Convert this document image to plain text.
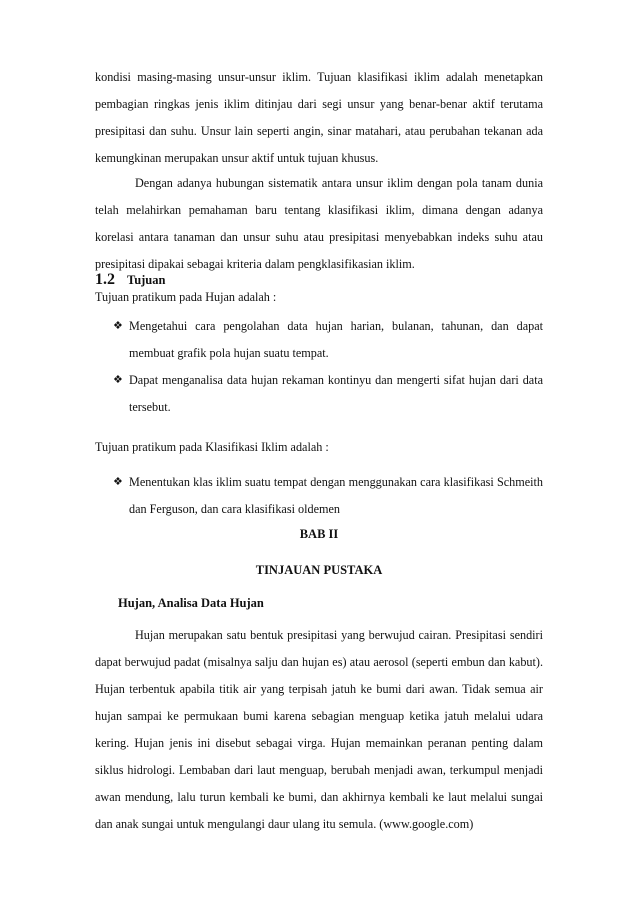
kondisi masing-masing unsur-unsur iklim. Tujuan klasifikasi iklim adalah menetapkan pembagian ringkas jenis iklim ditinjau dari segi unsur yang benar-benar aktif terutama presipitasi dan suhu. Unsur lain seperti angin, sinar matahari, atau perubahan tekanan ada kemungkinan merupakan unsur aktif untuk tujuan khusus.
Dengan adanya hubungan sistematik antara unsur iklim dengan pola tanam dunia telah melahirkan pemahaman baru tentang klasifikasi iklim, dimana dengan adanya korelasi antara tanaman dan unsur suhu atau presipitasi menyebabkan indeks suhu atau presipitasi dipakai sebagai kriteria dalam pengklasifikasian iklim.
1.2 Tujuan
Tujuan pratikum pada Hujan adalah :
❖ Mengetahui cara pengolahan data hujan harian, bulanan, tahunan, dan dapat membuat grafik pola hujan suatu tempat.
❖ Dapat menganalisa data hujan rekaman kontinyu dan mengerti sifat hujan dari data tersebut.
Tujuan pratikum pada Klasifikasi Iklim adalah :
❖ Menentukan klas iklim suatu tempat dengan menggunakan cara klasifikasi Schmeith dan Ferguson, dan cara klasifikasi oldemen
BAB II
TINJAUAN PUSTAKA
Hujan, Analisa Data Hujan
Hujan merupakan satu bentuk presipitasi yang berwujud cairan. Presipitasi sendiri dapat berwujud padat (misalnya salju dan hujan es) atau aerosol (seperti embun dan kabut). Hujan terbentuk apabila titik air yang terpisah jatuh ke bumi dari awan. Tidak semua air hujan sampai ke permukaan bumi karena sebagian menguap ketika jatuh melalui udara kering. Hujan jenis ini disebut sebagai virga. Hujan memainkan peranan penting dalam siklus hidrologi. Lembaban dari laut menguap, berubah menjadi awan, terkumpul menjadi awan mendung, lalu turun kembali ke bumi, dan akhirnya kembali ke laut melalui sungai dan anak sungai untuk mengulangi daur ulang itu semula. (www.google.com)
